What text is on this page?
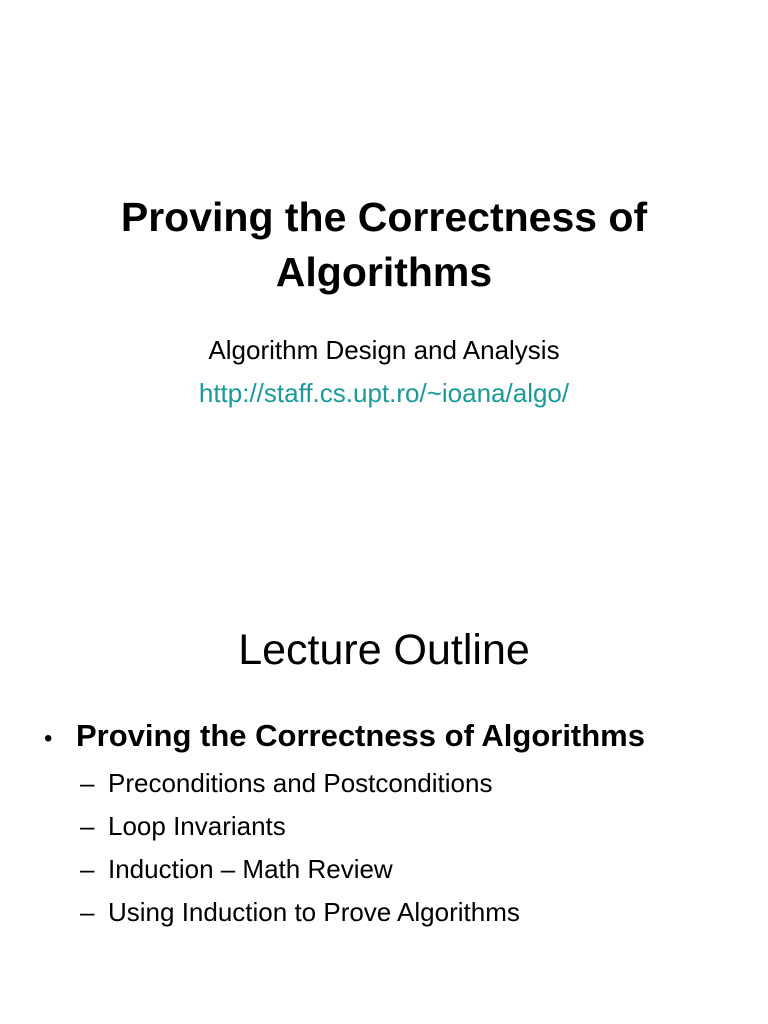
Proving the Correctness of
Algorithms

Algorithm Design and Analysis

http://staff.cs.upt.ro/~ioana/algo/
Lecture Outline
• Proving the Correctness of Algorithms
– Preconditions and Postconditions
– Loop Invariants
– Induction – Math Review
– Using Induction to Prove Algorithms
